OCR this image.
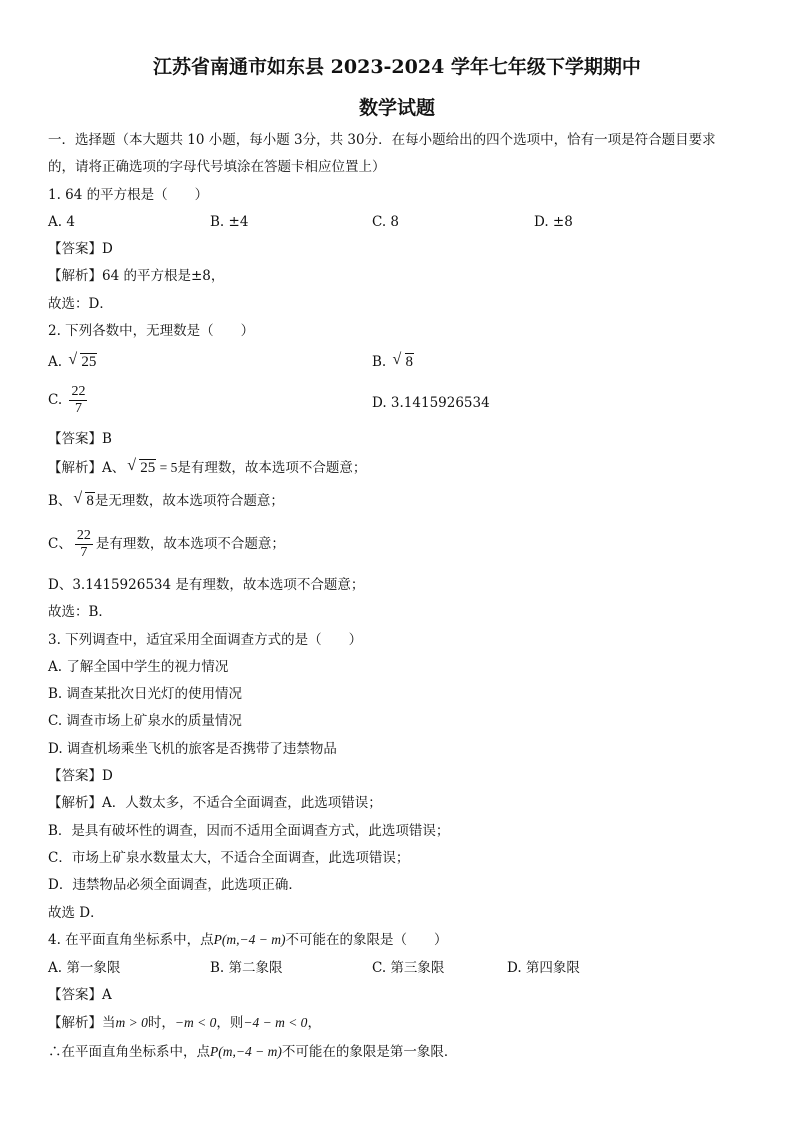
江苏省南通市如东县 2023-2024 学年七年级下学期期中
数学试题
一．选择题（本大题共 10 小题，每小题 3分，共 30分．在每小题给出的四个选项中，恰有一项是符合题目要求
的，请将正确选项的字母代号填涂在答题卡相应位置上）
1. 64 的平方根是（　　）
A. 4	B. ±4	C. 8	D. ±8
【答案】D
【解析】64 的平方根是±8，
故选：D．
2. 下列各数中，无理数是（　　）
A. √ 25	B. √ 8
C. $\frac{22}{7}$	D. 3.1415926534
【答案】B
【解析】A、 √ 25 = 5是有理数，故本选项不合题意；
B、 √ 8是无理数，故本选项符合题意；
C、 $\frac{22}{7}$ 是有理数，故本选项不合题意；
D、3.1415926534 是有理数，故本选项不合题意；
故选：B．
3. 下列调查中，适宜采用全面调查方式的是（　　）
A. 了解全国中学生的视力情况
B. 调查某批次日光灯的使用情况
C. 调查市场上矿泉水的质量情况
D. 调查机场乘坐飞机的旅客是否携带了违禁物品
【答案】D
【解析】A．人数太多，不适合全面调查，此选项错误；
B．是具有破坏性的调查，因而不适用全面调查方式，此选项错误；
C．市场上矿泉水数量太大，不适合全面调查，此选项错误；
D．违禁物品必须全面调查，此选项正确．
故选 D．
4. 在平面直角坐标系中，点P(m,−4 − m)不可能在的象限是（　　）
A. 第一象限	B. 第二象限	C. 第三象限	D. 第四象限
【答案】A
【解析】当m > 0时，−m < 0，则−4 − m < 0，
∴在平面直角坐标系中，点P(m,−4 − m)不可能在的象限是第一象限．
